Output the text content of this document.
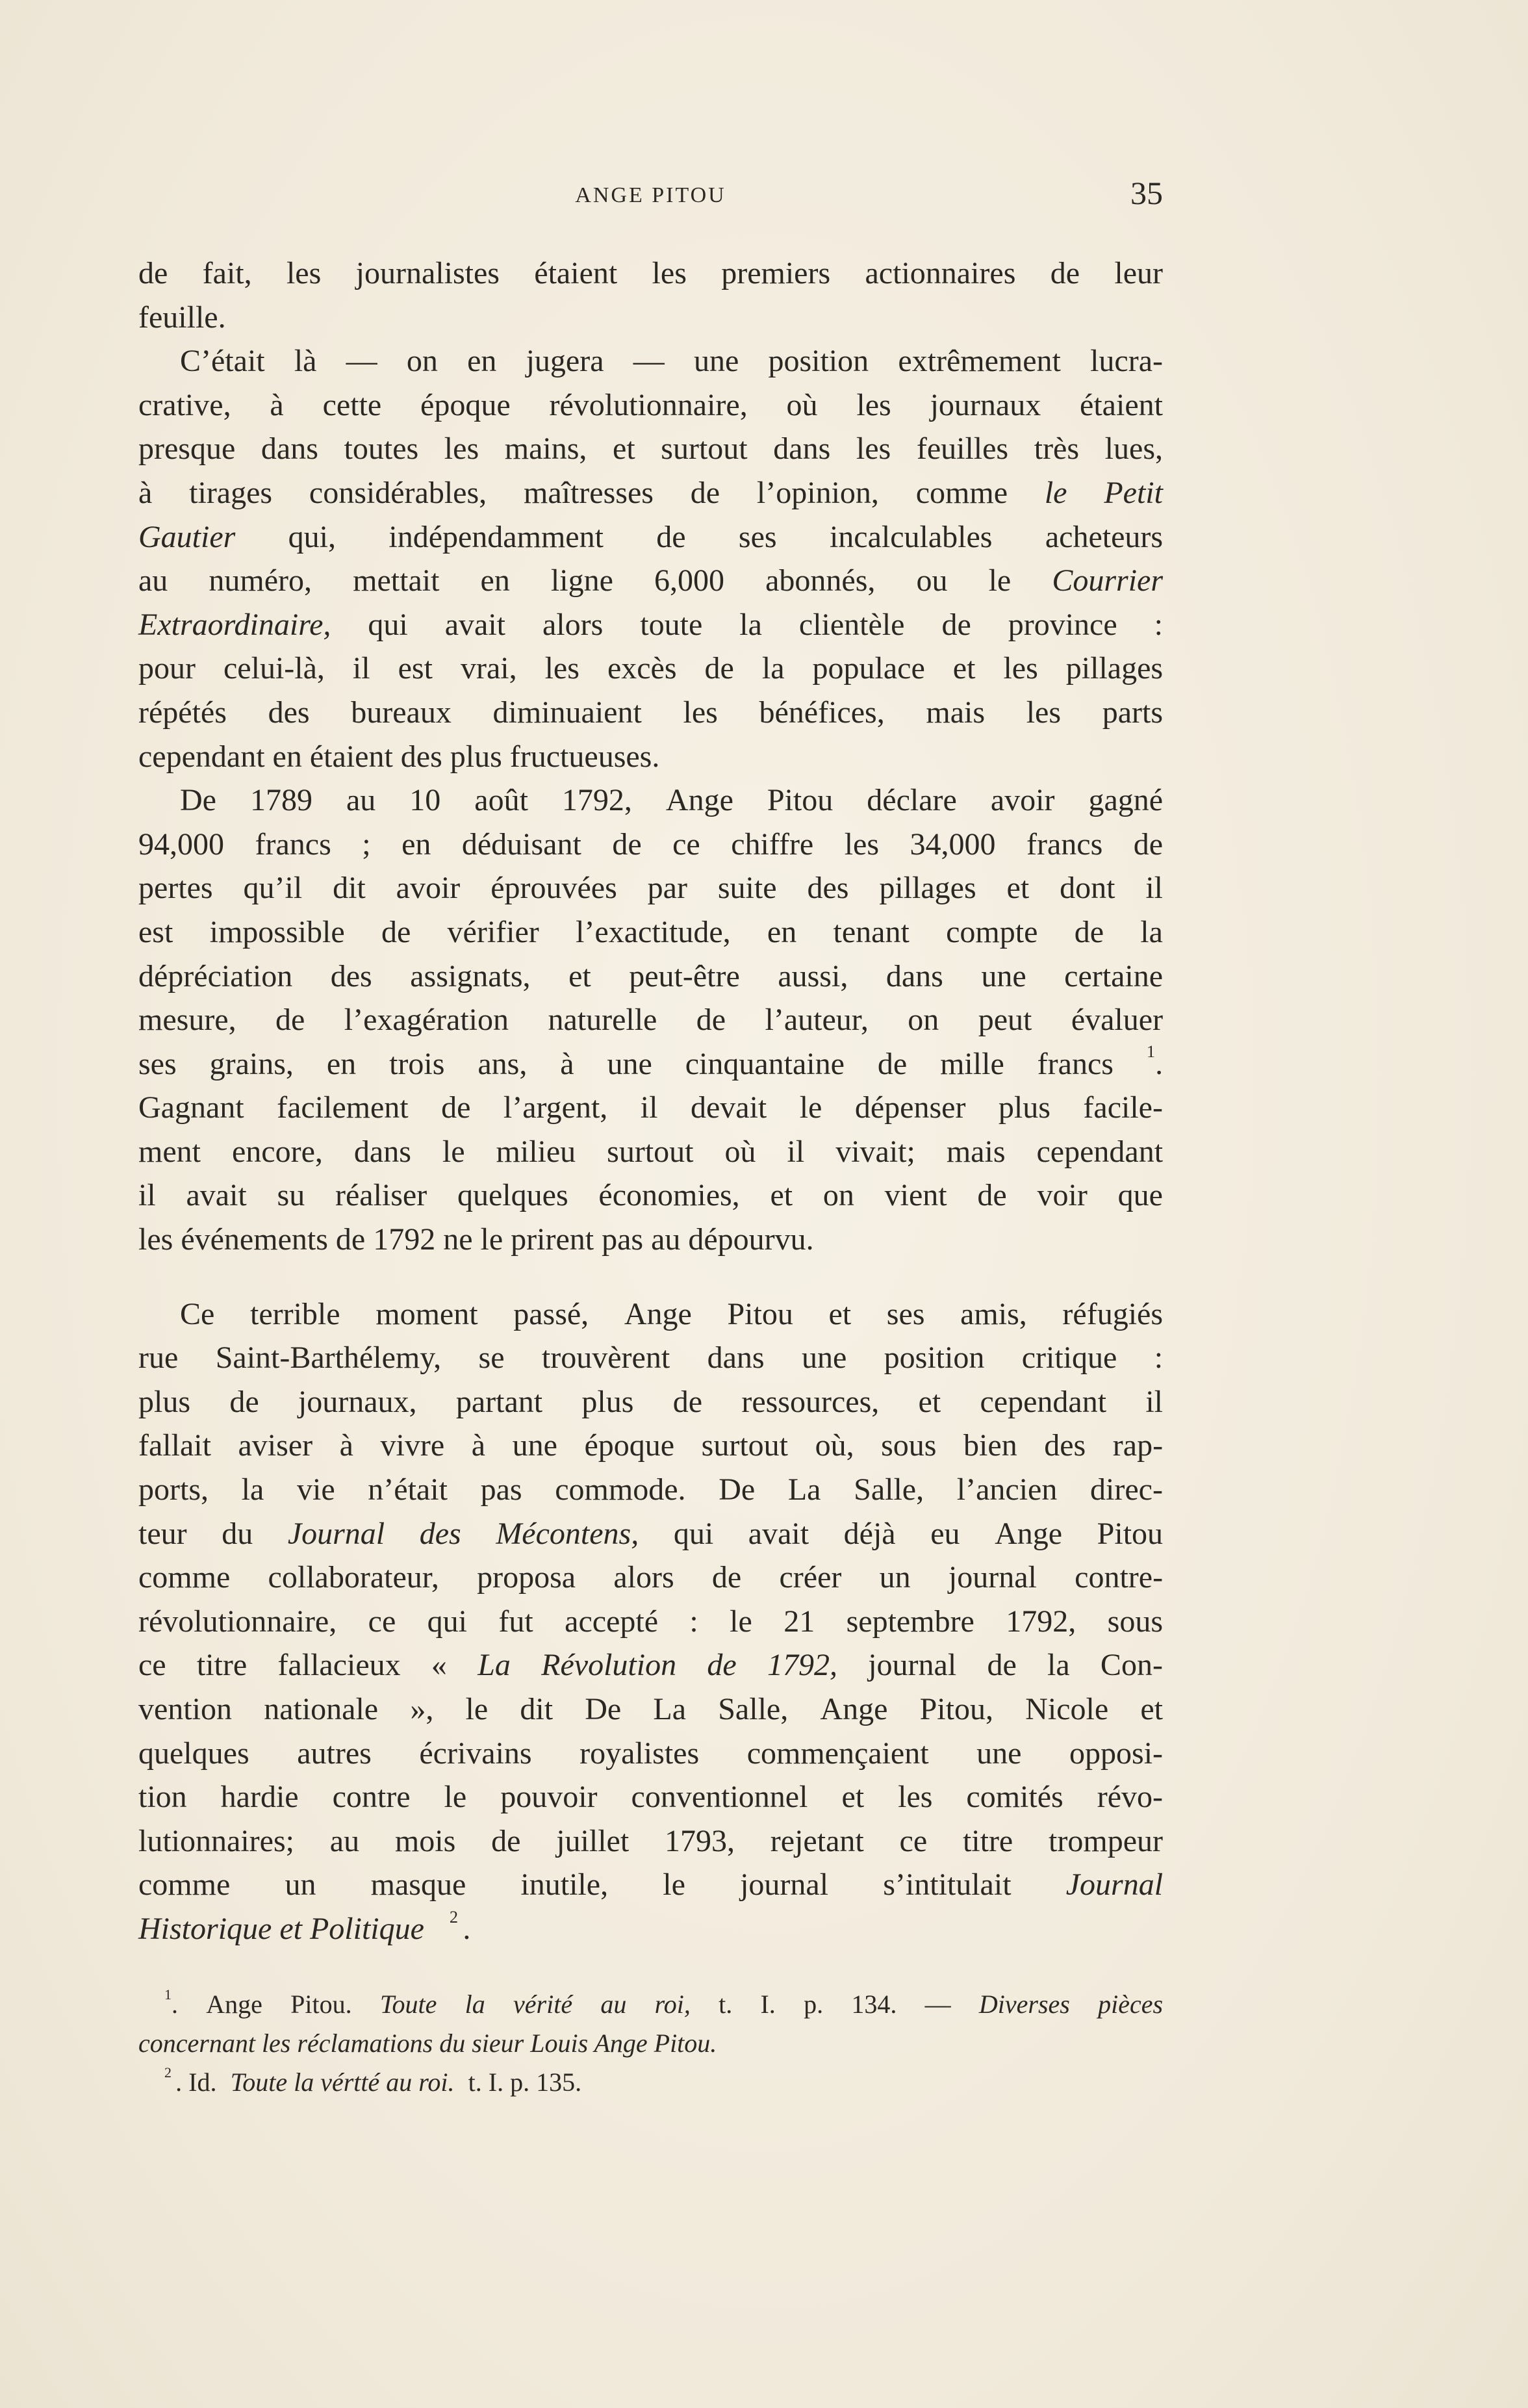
ANGE PITOU	35
de fait, les journalistes étaient les premiers actionnaires de leur
feuille.
C’était là — on en jugera — une position extrêmement lucra-
crative, à cette époque révolutionnaire, où les journaux étaient
presque dans toutes les mains, et surtout dans les feuilles très lues,
à tirages considérables, maîtresses de l’opinion, comme le Petit
Gautier qui, indépendamment de ses incalculables acheteurs
au numéro, mettait en ligne 6,000 abonnés, ou le Courrier
Extraordinaire, qui avait alors toute la clientèle de province :
pour celui-là, il est vrai, les excès de la populace et les pillages
répétés des bureaux diminuaient les bénéfices, mais les parts
cependant en étaient des plus fructueuses.
De 1789 au 10 août 1792, Ange Pitou déclare avoir gagné
94,000 francs ; en déduisant de ce chiffre les 34,000 francs de
pertes qu’il dit avoir éprouvées par suite des pillages et dont il
est impossible de vérifier l’exactitude, en tenant compte de la
dépréciation des assignats, et peut-être aussi, dans une certaine
mesure, de l’exagération naturelle de l’auteur, on peut évaluer
ses grains, en trois ans, à une cinquantaine de mille francs $^1$ .
Gagnant facilement de l’argent, il devait le dépenser plus facile-
ment encore, dans le milieu surtout où il vivait; mais cependant
il avait su réaliser quelques économies, et on vient de voir que
les événements de 1792 ne le prirent pas au dépourvu.
Ce terrible moment passé, Ange Pitou et ses amis, réfugiés
rue Saint-Barthélemy, se trouvèrent dans une position critique :
plus de journaux, partant plus de ressources, et cependant il
fallait aviser à vivre à une époque surtout où, sous bien des rap-
ports, la vie n’était pas commode. De La Salle, l’ancien direc-
teur du Journal des Mécontens, qui avait déjà eu Ange Pitou
comme collaborateur, proposa alors de créer un journal contre-
révolutionnaire, ce qui fut accepté : le 21 septembre 1792, sous
ce titre fallacieux « La Révolution de 1792, journal de la Con-
vention nationale », le dit De La Salle, Ange Pitou, Nicole et
quelques autres écrivains royalistes commençaient une opposi-
tion hardie contre le pouvoir conventionnel et les comités révo-
lutionnaires; au mois de juillet 1793, rejetant ce titre trompeur
comme un masque inutile, le journal s’intitulait Journal
Historique et Politique
$^2$ .
$^1$ . Ange Pitou. Toute la vérité au roi, t. I. p. 134. — Diverses pièces
concernant les réclamations du sieur Louis Ange Pitou.
$^2$ . Id. Toute la vértté au roi. t. I. p. 135.
